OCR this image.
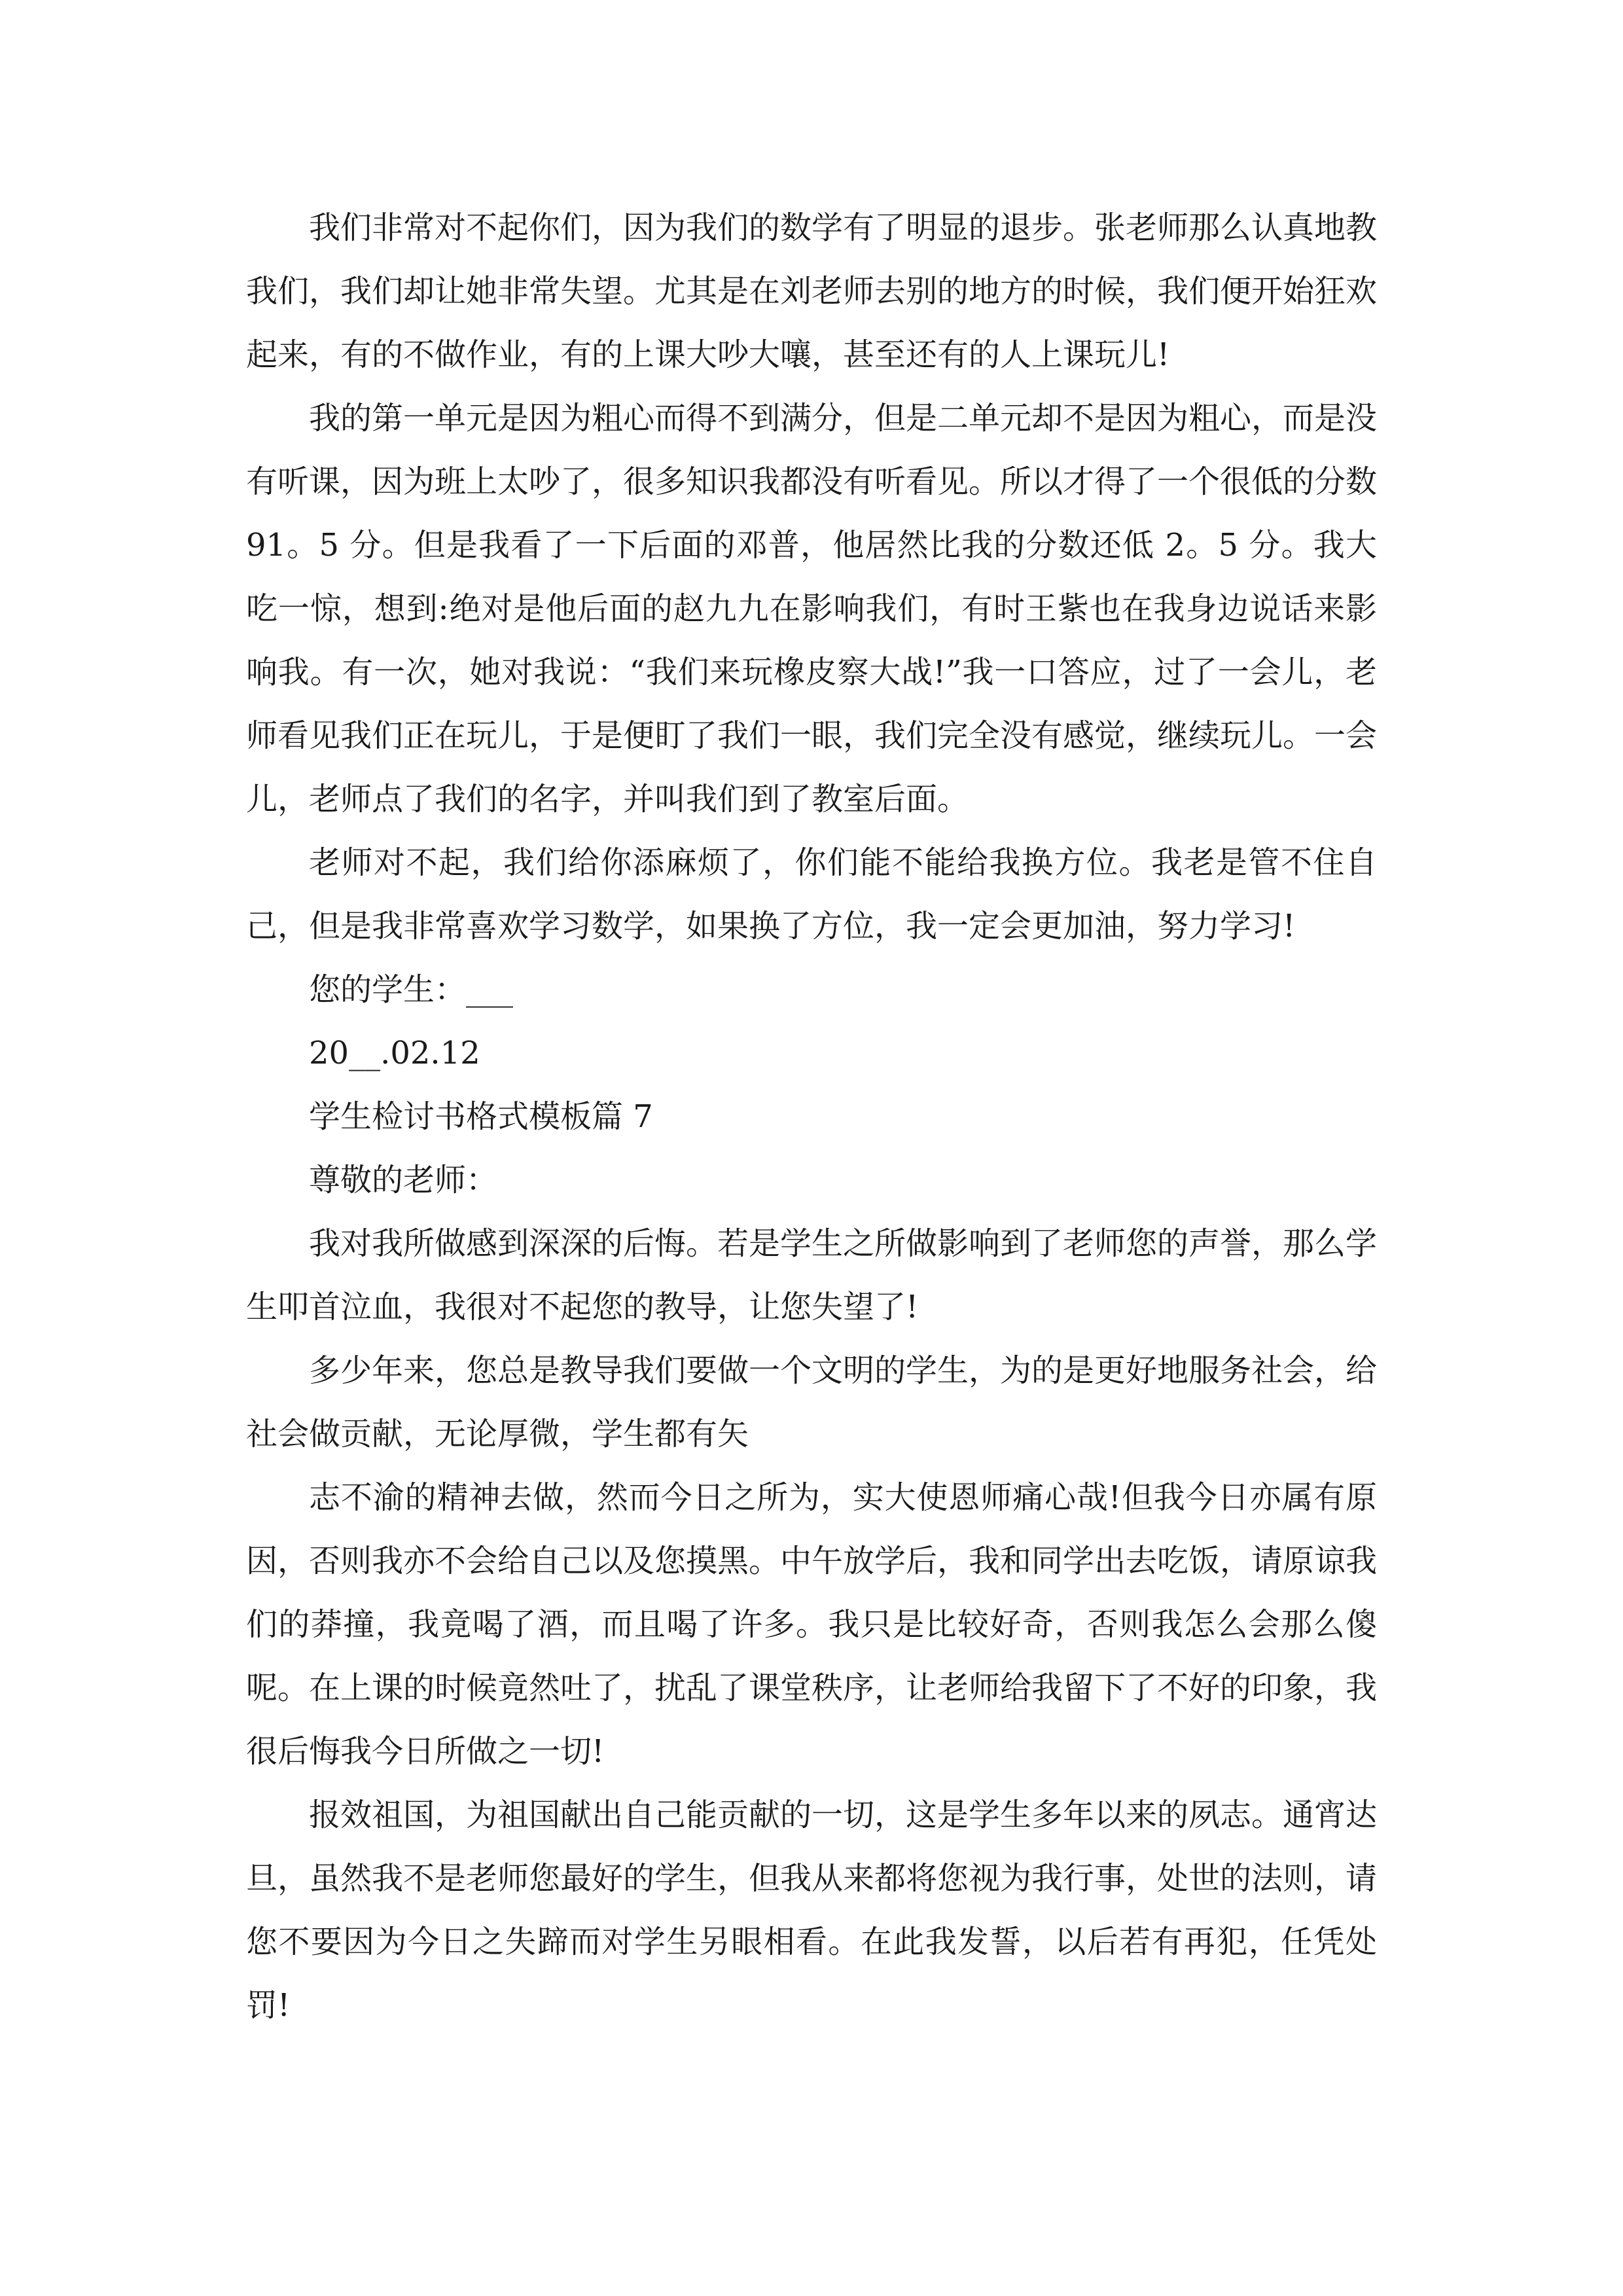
我们非常对不起你们，因为我们的数学有了明显的退步。张老师那么认真地教我们，我们却让她非常失望。尤其是在刘老师去别的地方的时候，我们便开始狂欢起来，有的不做作业，有的上课大吵大嚷，甚至还有的人上课玩儿!

我的第一单元是因为粗心而得不到满分，但是二单元却不是因为粗心，而是没有听课，因为班上太吵了，很多知识我都没有听看见。所以才得了一个很低的分数 91。5 分。但是我看了一下后面的邓普，他居然比我的分数还低 2。5 分。我大吃一惊，想到:绝对是他后面的赵九九在影响我们，有时王紫也在我身边说话来影响我。有一次，她对我说：“我们来玩橡皮察大战!”我一口答应，过了一会儿，老师看见我们正在玩儿，于是便盯了我们一眼，我们完全没有感觉，继续玩儿。一会儿，老师点了我们的名字，并叫我们到了教室后面。

老师对不起，我们给你添麻烦了，你们能不能给我换方位。我老是管不住自己，但是我非常喜欢学习数学，如果换了方位，我一定会更加油，努力学习!

您的学生：___

20__.02.12

学生检讨书格式模板篇 7

尊敬的老师：

我对我所做感到深深的后悔。若是学生之所做影响到了老师您的声誉，那么学生叩首泣血，我很对不起您的教导，让您失望了!

多少年来，您总是教导我们要做一个文明的学生，为的是更好地服务社会，给社会做贡献，无论厚微，学生都有矢

志不渝的精神去做，然而今日之所为，实大使恩师痛心哉!但我今日亦属有原因，否则我亦不会给自己以及您摸黑。中午放学后，我和同学出去吃饭，请原谅我们的莽撞，我竟喝了酒，而且喝了许多。我只是比较好奇，否则我怎么会那么傻呢。在上课的时候竟然吐了，扰乱了课堂秩序，让老师给我留下了不好的印象，我很后悔我今日所做之一切!

报效祖国，为祖国献出自己能贡献的一切，这是学生多年以来的夙志。通宵达旦，虽然我不是老师您最好的学生，但我从来都将您视为我行事，处世的法则，请您不要因为今日之失蹄而对学生另眼相看。在此我发誓，以后若有再犯，任凭处罚!
